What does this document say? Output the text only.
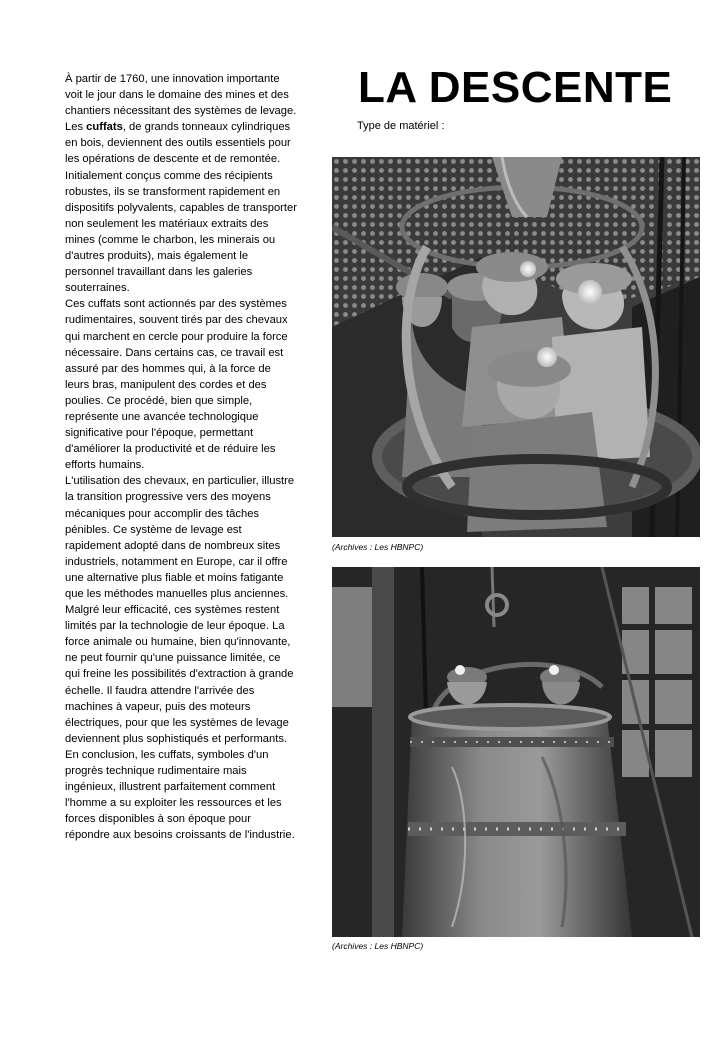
À partir de 1760, une innovation importante voit le jour dans le domaine des mines et des chantiers nécessitant des systèmes de levage. Les cuffats, de grands tonneaux cylindriques en bois, deviennent des outils essentiels pour les opérations de descente et de remontée. Initialement conçus comme des récipients robustes, ils se transforment rapidement en dispositifs polyvalents, capables de transporter non seulement les matériaux extraits des mines (comme le charbon, les minerais ou d'autres produits), mais également le personnel travaillant dans les galeries souterraines.

Ces cuffats sont actionnés par des systèmes rudimentaires, souvent tirés par des chevaux qui marchent en cercle pour produire la force nécessaire. Dans certains cas, ce travail est assuré par des hommes qui, à la force de leurs bras, manipulent des cordes et des poulies. Ce procédé, bien que simple, représente une avancée technologique significative pour l'époque, permettant d'améliorer la productivité et de réduire les efforts humains.

L'utilisation des chevaux, en particulier, illustre la transition progressive vers des moyens mécaniques pour accomplir des tâches pénibles. Ce système de levage est rapidement adopté dans de nombreux sites industriels, notamment en Europe, car il offre une alternative plus fiable et moins fatigante que les méthodes manuelles plus anciennes.

Malgré leur efficacité, ces systèmes restent limités par la technologie de leur époque. La force animale ou humaine, bien qu'innovante, ne peut fournir qu'une puissance limitée, ce qui freine les possibilités d'extraction à grande échelle. Il faudra attendre l'arrivée des machines à vapeur, puis des moteurs électriques, pour que les systèmes de levage deviennent plus sophistiqués et performants.

En conclusion, les cuffats, symboles d'un progrès technique rudimentaire mais ingénieux, illustrent parfaitement comment l'homme a su exploiter les ressources et les forces disponibles à son époque pour répondre aux besoins croissants de l'industrie.

LA DESCENTE
Type de matériel :
(Archives : Les HBNPC)
(Archives : Les HBNPC)
